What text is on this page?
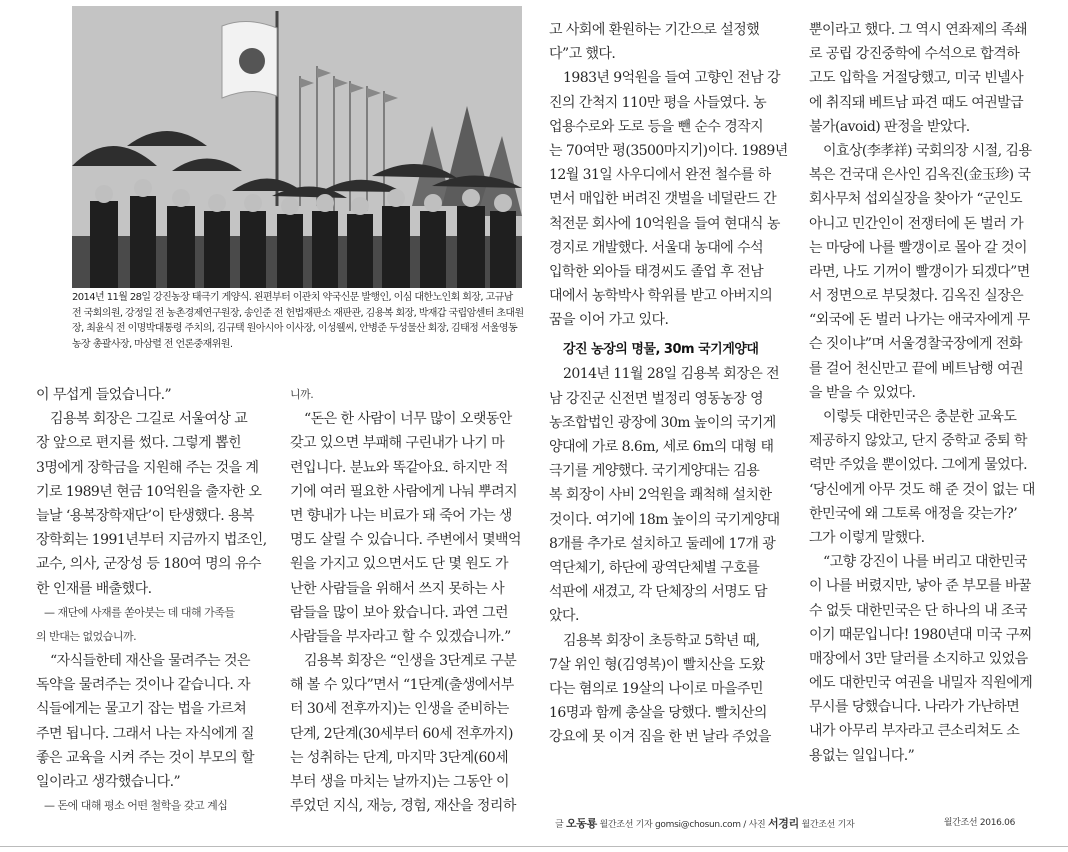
2014년 11월 28일 강진농장 태극기 게양식. 왼편부터 이관치 약국신문 발행인, 이심 대한노인회 회장, 고규남 전 국회의원, 강정일 전 농촌경제연구원장, 송인준 전 헌법재판소 재판관, 김용복 회장, 박재갑 국립암센터 초대원장, 최윤식 전 이명박대통령 주치의, 김규택 원아시아 이사장, 이성웰씨, 안병준 두성물산 회장, 김태정 서울영동농장 총괄사장, 마삼렬 전 언론중재위원.
이 무섭게 들었습니다.”
김용복 회장은 그길로 서울여상 교
장 앞으로 편지를 썼다. 그렇게 뽑힌
3명에게 장학금을 지원해 주는 것을 계
기로 1989년 현금 10억원을 출자한 오
늘날 ‘용복장학재단’이 탄생했다. 용복
장학회는 1991년부터 지금까지 법조인,
교수, 의사, 군장성 등 180여 명의 유수
한 인재를 배출했다.
— 재단에 사재를 쏟아붓는 데 대해 가족들
의 반대는 없었습니까.
“자식들한테 재산을 물려주는 것은
독약을 물려주는 것이나 같습니다. 자
식들에게는 물고기 잡는 법을 가르쳐
주면 됩니다. 그래서 나는 자식에게 질
좋은 교육을 시켜 주는 것이 부모의 할
일이라고 생각했습니다.”
— 돈에 대해 평소 어떤 철학을 갖고 계십
니까.
“돈은 한 사람이 너무 많이 오랫동안
갖고 있으면 부패해 구린내가 나기 마
련입니다. 분뇨와 똑같아요. 하지만 적
기에 여러 필요한 사람에게 나눠 뿌려지
면 향내가 나는 비료가 돼 죽어 가는 생
명도 살릴 수 있습니다. 주변에서 몇백억
원을 가지고 있으면서도 단 몇 원도 가
난한 사람들을 위해서 쓰지 못하는 사
람들을 많이 보아 왔습니다. 과연 그런
사람들을 부자라고 할 수 있겠습니까.”
김용복 회장은 “인생을 3단계로 구분
해 볼 수 있다”면서 “1단계(출생에서부
터 30세 전후까지)는 인생을 준비하는
단계, 2단계(30세부터 60세 전후까지)
는 성취하는 단계, 마지막 3단계(60세
부터 생을 마치는 날까지)는 그동안 이
루었던 지식, 재능, 경험, 재산을 정리하
고 사회에 환원하는 기간으로 설정했
다”고 했다.
1983년 9억원을 들여 고향인 전남 강
진의 간척지 110만 평을 사들였다. 농
업용수로와 도로 등을 뺀 순수 경작지
는 70여만 평(3500마지기)이다. 1989년
12월 31일 사우디에서 완전 철수를 하
면서 매입한 버려진 갯벌을 네덜란드 간
척전문 회사에 10억원을 들여 현대식 농
경지로 개발했다. 서울대 농대에 수석
입학한 외아들 태경씨도 졸업 후 전남
대에서 농학박사 학위를 받고 아버지의
꿈을 이어 가고 있다.
강진 농장의 명물, 30m 국기게양대
2014년 11월 28일 김용복 회장은 전
남 강진군 신전면 벌정리 영동농장 영
농조합법인 광장에 30m 높이의 국기게
양대에 가로 8.6m, 세로 6m의 대형 태
극기를 게양했다. 국기게양대는 김용
복 회장이 사비 2억원을 쾌척해 설치한
것이다. 여기에 18m 높이의 국기게양대
8개를 추가로 설치하고 둘레에 17개 광
역단체기, 하단에 광역단체별 구호를
석판에 새겼고, 각 단체장의 서명도 담
았다.
김용복 회장이 초등학교 5학년 때,
7살 위인 형(김영복)이 빨치산을 도왔
다는 혐의로 19살의 나이로 마을주민
16명과 함께 총살을 당했다. 빨치산의
강요에 못 이겨 짐을 한 번 날라 주었을
뿐이라고 했다. 그 역시 연좌제의 족쇄
로 공립 강진중학에 수석으로 합격하
고도 입학을 거절당했고, 미국 빈넬사
에 취직돼 베트남 파견 때도 여권발급
불가(avoid) 판정을 받았다.
이효상(李孝祥) 국회의장 시절, 김용
복은 건국대 은사인 김옥진(金玉珍) 국
회사무처 섭외실장을 찾아가 “군인도
아니고 민간인이 전쟁터에 돈 벌러 가
는 마당에 나를 빨갱이로 몰아 갈 것이
라면, 나도 기꺼이 빨갱이가 되겠다”면
서 정면으로 부딪쳤다. 김옥진 실장은
“외국에 돈 벌러 나가는 애국자에게 무
슨 짓이냐”며 서울경찰국장에게 전화
를 걸어 천신만고 끝에 베트남행 여권
을 받을 수 있었다.
이렇듯 대한민국은 충분한 교육도
제공하지 않았고, 단지 중학교 중퇴 학
력만 주었을 뿐이었다. 그에게 물었다.
‘당신에게 아무 것도 해 준 것이 없는 대
한민국에 왜 그토록 애정을 갖는가?’
그가 이렇게 말했다.
“고향 강진이 나를 버리고 대한민국
이 나를 버렸지만, 낳아 준 부모를 바꿀
수 없듯 대한민국은 단 하나의 내 조국
이기 때문입니다! 1980년대 미국 구찌
매장에서 3만 달러를 소지하고 있었음
에도 대한민국 여권을 내밀자 직원에게
무시를 당했습니다. 나라가 가난하면
내가 아무리 부자라고 큰소리쳐도 소
용없는 일입니다.”
글 오동룡 월간조선 기자 gomsi@chosun.com / 사진 서경리 월간조선 기자	월간조선 2016.06
